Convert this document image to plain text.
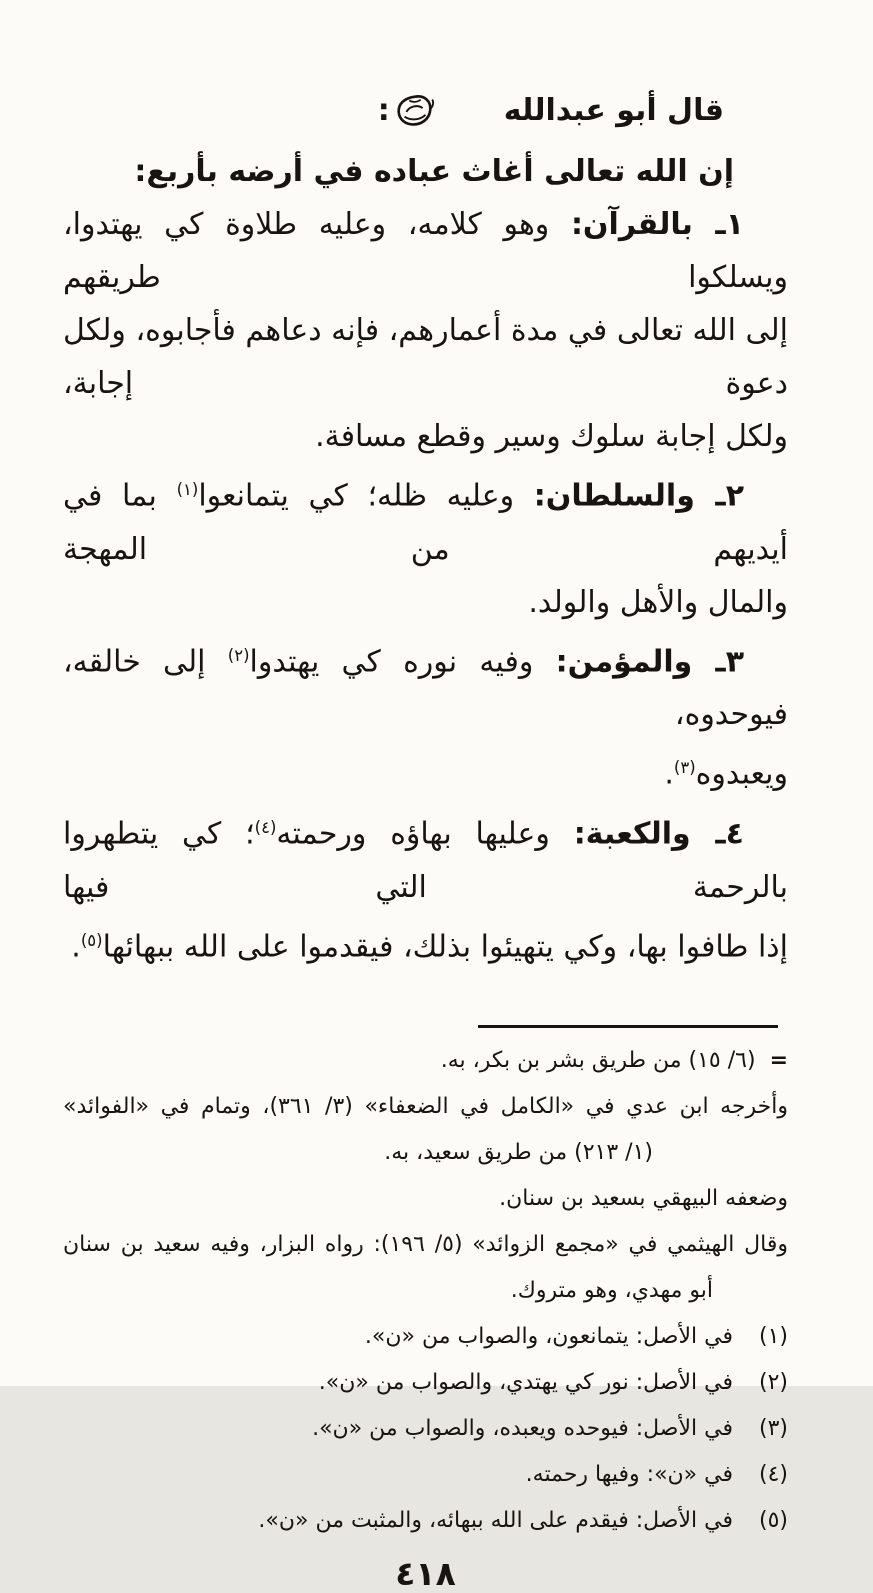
قال أبو عبدالله:
إن الله تعالى أغاث عباده في أرضه بأربع:
١ـ بالقرآن: وهو كلامه، وعليه طلاوة كي يهتدوا، ويسلكوا طريقهم
إلى الله تعالى في مدة أعمارهم، فإنه دعاهم فأجابوه، ولكل دعوة إجابة،
ولكل إجابة سلوك وسير وقطع مسافة.
٢ـ والسلطان: وعليه ظله؛ كي يتمانعوا$^{(١)}$ بما في أيديهم من المهجة
والمال والأهل والولد.
٣ـ والمؤمن: وفيه نوره كي يهتدوا$^{(٢)}$ إلى خالقه، فيوحدوه،
ويعبدوه$^{(٣)}$.
٤ـ والكعبة: وعليها بهاؤه ورحمته$^{(٤)}$؛ كي يتطهروا بالرحمة التي فيها
إذا طافوا بها، وكي يتهيئوا بذلك، فيقدموا على الله ببهائها$^{(٥)}$.
=(٦/ ١٥) من طريق بشر بن بكر، به.
وأخرجه ابن عدي في «الكامل في الضعفاء» (٣/ ٣٦١)، وتمام في «الفوائد»
(١/ ٢١٣) من طريق سعيد، به.
وضعفه البيهقي بسعيد بن سنان.
وقال الهيثمي في «مجمع الزوائد» (٥/ ١٩٦): رواه البزار، وفيه سعيد بن سنان
أبو مهدي، وهو متروك.
(١)
في الأصل: يتمانعون، والصواب من «ن».
(٢)
في الأصل: نور كي يهتدي، والصواب من «ن».
(٣)
في الأصل: فيوحده ويعبده، والصواب من «ن».
(٤)
في «ن»: وفيها رحمته.
(٥)
في الأصل: فيقدم على الله ببهائه، والمثبت من «ن».
٤١٨
